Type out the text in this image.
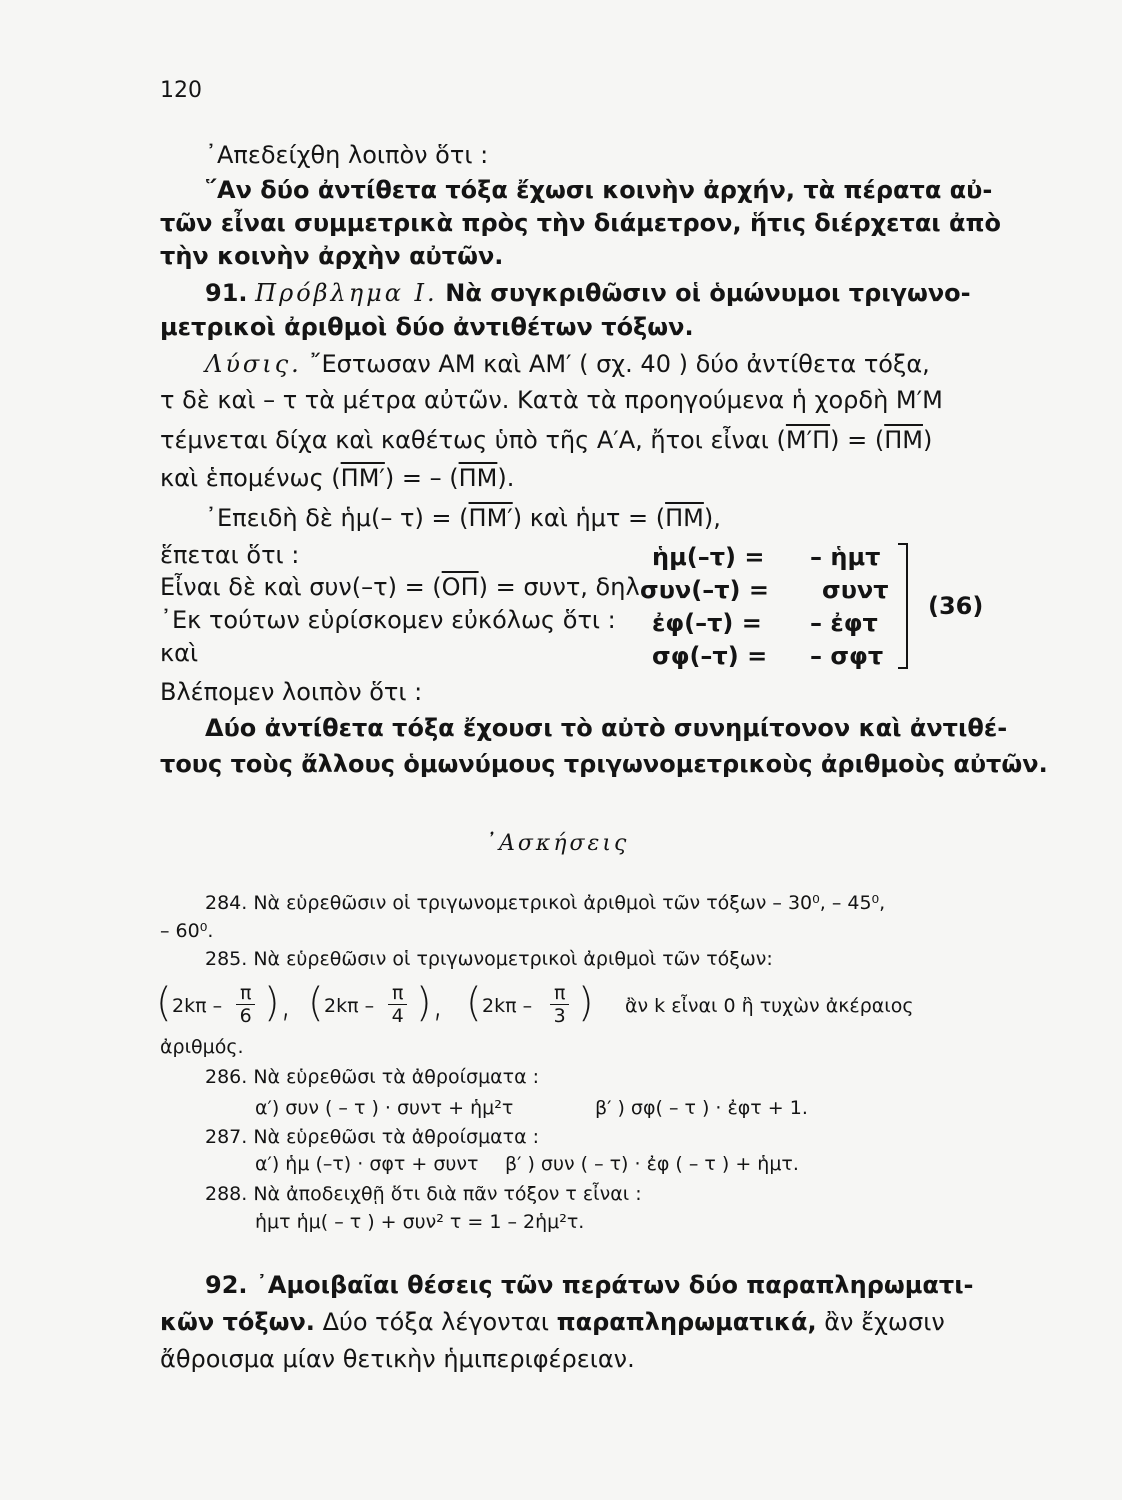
120
᾿Απεδείχθη λοιπὸν ὅτι :
῞Αν δύο ἀντίθετα τόξα ἔχωσι κοινὴν ἀρχήν, τὰ πέρατα αὐ-
τῶν εἶναι συμμετρικὰ πρὸς τὴν διάμετρον, ἥτις διέρχεται ἀπὸ
τὴν κοινὴν ἀρχὴν αὐτῶν.
91. Πρόβλημα Ι. Νὰ συγκριθῶσιν οἱ ὁμώνυμοι τριγωνο-
μετρικοὶ ἀριθμοὶ δύο ἀντιθέτων τόξων.
Λύσις. ῎Εστωσαν ΑΜ καὶ ΑΜ′ ( σχ. 40 ) δύο ἀντίθετα τόξα,
τ δὲ καὶ – τ τὰ μέτρα αὐτῶν. Κατὰ τὰ προηγούμενα ἡ χορδὴ Μ′Μ
τέμνεται δίχα καὶ καθέτως ὑπὸ τῆς Α′Α, ἤτοι εἶναι $(M'\Pi) = (\overline{\Pi M})$
καὶ ἑπομένως (ΠΜ′) = – $(\overline{\Pi M})$.
᾿Επειδὴ δὲ ἡμ(– τ) = (ΠΜ′) καὶ ἡμτ = $(\overline{\Pi M})$,
ἕπεται ὅτι :
Εἶναι δὲ καὶ $\sigma\upsilon\nu(-\tau) = (\overline{O\Pi}) = \sigma\upsilon\nu\tau$, δηλ.
᾿Εκ τούτων εὑρίσκομεν εὐκόλως ὅτι :
καὶ
Βλέπομεν λοιπὸν ὅτι :
ἡμ(–τ) = – ἡμτ
συν(–τ) = συντ
ἐφ(–τ) = – ἐφτ
σφ(–τ) = – σφτ
(36)
Δύο ἀντίθετα τόξα ἔχουσι τὸ αὐτὸ συνημίτονον καὶ ἀντιθέ-
τους τοὺς ἄλλους ὁμωνύμους τριγωνομετρικοὺς ἀριθμοὺς αὐτῶν.
᾿Ασκήσεις
284. Νὰ εὑρεθῶσιν οἱ τριγωνομετρικοὶ ἀριθμοὶ τῶν τόξων – 30⁰, – 45⁰,
– 60⁰.
285. Νὰ εὑρεθῶσιν οἱ τριγωνομετρικοὶ ἀριθμοὶ τῶν τόξων:
( $2k\pi - \frac{\pi}{6}$ ), ( $2k\pi - \frac{\pi}{4}$ ), ( $2k\pi - \frac{\pi}{3}$ ) ἂν k εἶναι 0 ἢ τυχὼν ἀκέραιος
ἀριθμός.
286. Νὰ εὑρεθῶσι τὰ ἀθροίσματα :
α′) συν ( – τ ) · συντ + ἡμ²τ	β′ ) σφ( – τ ) · ἐφτ + 1.
287. Νὰ εὑρεθῶσι τὰ ἀθροίσματα :
α′) ἡμ (–τ) · σφτ + συντ β′ ) συν ( – τ) · ἐφ ( – τ ) + ἡμτ.
288. Νὰ ἀποδειχθῇ ὅτι διὰ πᾶν τόξον τ εἶναι :
ἡμτ ἡμ( – τ ) + συν² τ = 1 – 2ἡμ²τ.
92. ᾿Αμοιβαῖαι θέσεις τῶν περάτων δύο παραπληρωματι-
κῶν τόξων. Δύο τόξα λέγονται παραπληρωματικά, ἂν ἔχωσιν
ἄθροισμα μίαν θετικὴν ἡμιπεριφέρειαν.
